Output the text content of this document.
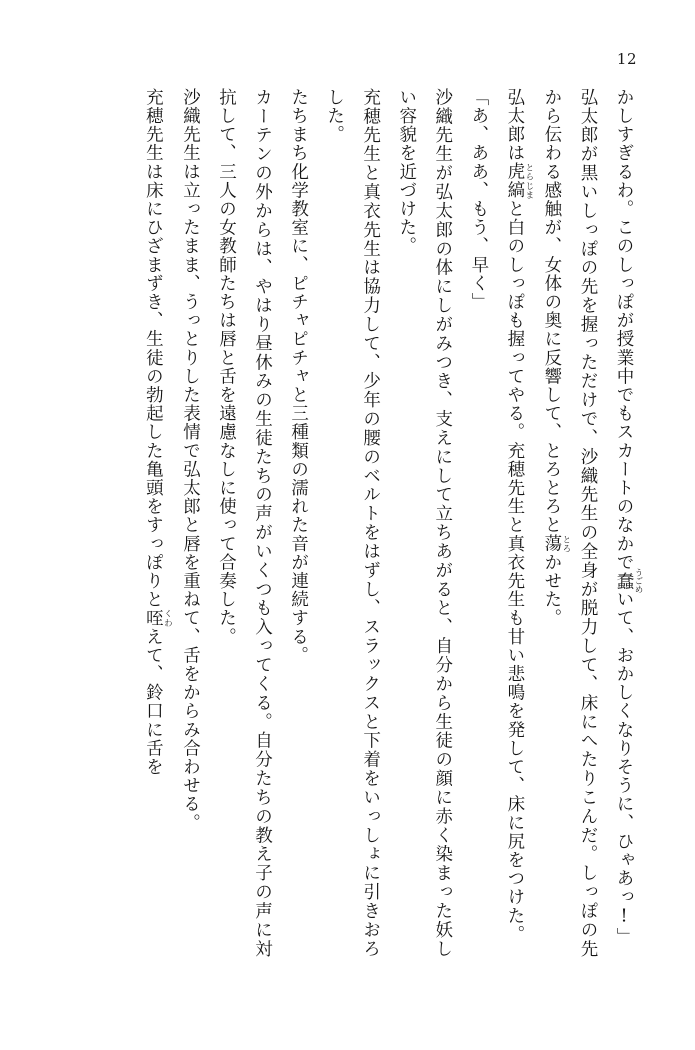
12

かしすぎるわ。このしっぽが授業中でもスカートのなかで蠢 うごめいて、おかしくなりそうに、ひゃあっ!」

弘太郎が黒いしっぽの先を握っただけで、沙織先生の全身が脱力して、床にへたりこんだ。しっぽの先から伝わる感触が、女体の奥に反響して、とろとろと蕩 とろかせた。

弘太郎は虎縞 とらじまと白のしっぽも握ってやる。充穂先生と真衣先生も甘い悲鳴を発して、床に尻をつけた。

「あ、ああ、もう、早く」

沙織先生が弘太郎の体にしがみつき、支えにして立ちあがると、自分から生徒の顔に赤く染まった妖しい容貌を近づけた。

充穂先生と真衣先生は協力して、少年の腰のベルトをはずし、スラックスと下着をいっしょに引きおろした。

たちまち化学教室に、ピチャピチャと三種類の濡れた音が連続する。

カーテンの外からは、やはり昼休みの生徒たちの声がいくつも入ってくる。自分たちの教え子の声に対抗して、三人の女教師たちは唇と舌を遠慮なしに使って合奏した。

沙織先生は立ったまま、うっとりした表情で弘太郎と唇を重ねて、舌をからみ合わせる。

充穂先生は床にひざまずき、生徒の勃起した亀頭をすっぽりと咥 くわえて、鈴口に舌を
